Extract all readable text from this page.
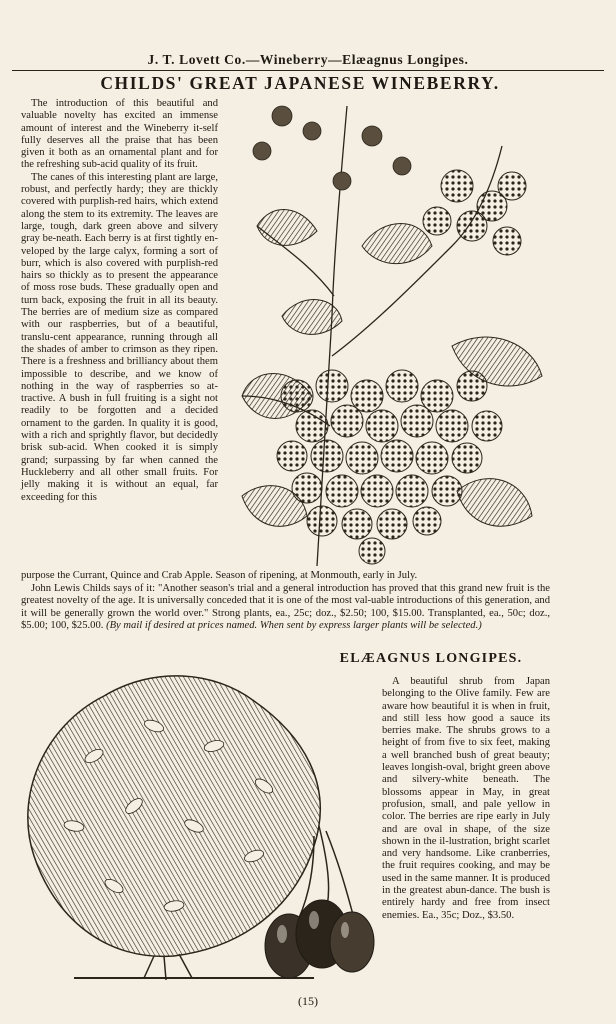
J. T. Lovett Co.—Wineberry—Elæagnus Longipes.
CHILDS' GREAT JAPANESE WINEBERRY.

The introduction of this beautiful and valuable novelty has excited an immense amount of interest and the Wineberry it-self fully deserves all the praise that has been given it both as an ornamental plant and for the refreshing sub-acid quality of its fruit.

The canes of this interesting plant are large, robust, and perfectly hardy; they are thickly covered with purplish-red hairs, which extend along the stem to its extremity. The leaves are large, tough, dark green above and silvery gray be-neath. Each berry is at first tightly en-veloped by the large calyx, forming a sort of burr, which is also covered with purplish-red hairs so thickly as to present the appearance of moss rose buds. These gradually open and turn back, exposing the fruit in all its beauty. The berries are of medium size as compared with our raspberries, but of a beautiful, translu-cent appearance, running through all the shades of amber to crimson as they ripen. There is a freshness and brilliancy about them impossible to describe, and we know of nothing in the way of raspberries so at-tractive. A bush in full fruiting is a sight not readily to be forgotten and a decided ornament to the garden. In quality it is good, with a rich and sprightly flavor, but decidedly brisk sub-acid. When cooked it is simply grand; surpassing by far when canned the Huckleberry and all other small fruits. For jelly making it is without an equal, far exceeding for this

purpose the Currant, Quince and Crab Apple. Season of ripening, at Monmouth, early in July.

John Lewis Childs says of it: "Another season's trial and a general introduction has proved that this grand new fruit is the greatest novelty of the age. It is universally conceded that it is one of the most val-uable introductions of this generation, and it will be generally grown the world over." Strong plants, ea., 25c; doz., $2.50; 100, $15.00. Transplanted, ea., 50c; doz., $5.00; 100, $25.00. (By mail if desired at prices named. When sent by express larger plants will be selected.)

ELÆAGNUS LONGIPES.

A beautiful shrub from Japan belonging to the Olive family. Few are aware how beautiful it is when in fruit, and still less how good a sauce its berries make. The shrubs grows to a height of from five to six feet, making a well branched bush of great beauty; leaves longish-oval, bright green above and silvery-white beneath. The blossoms appear in May, in great profusion, small, and pale yellow in color. The berries are ripe early in July and are oval in shape, of the size shown in the il-lustration, bright scarlet and very handsome. Like cranberries, the fruit requires cooking, and may be used in the same manner. It is produced in the greatest abun-dance. The bush is entirely hardy and free from insect enemies. Ea., 35c; Doz., $3.50.

(15)
